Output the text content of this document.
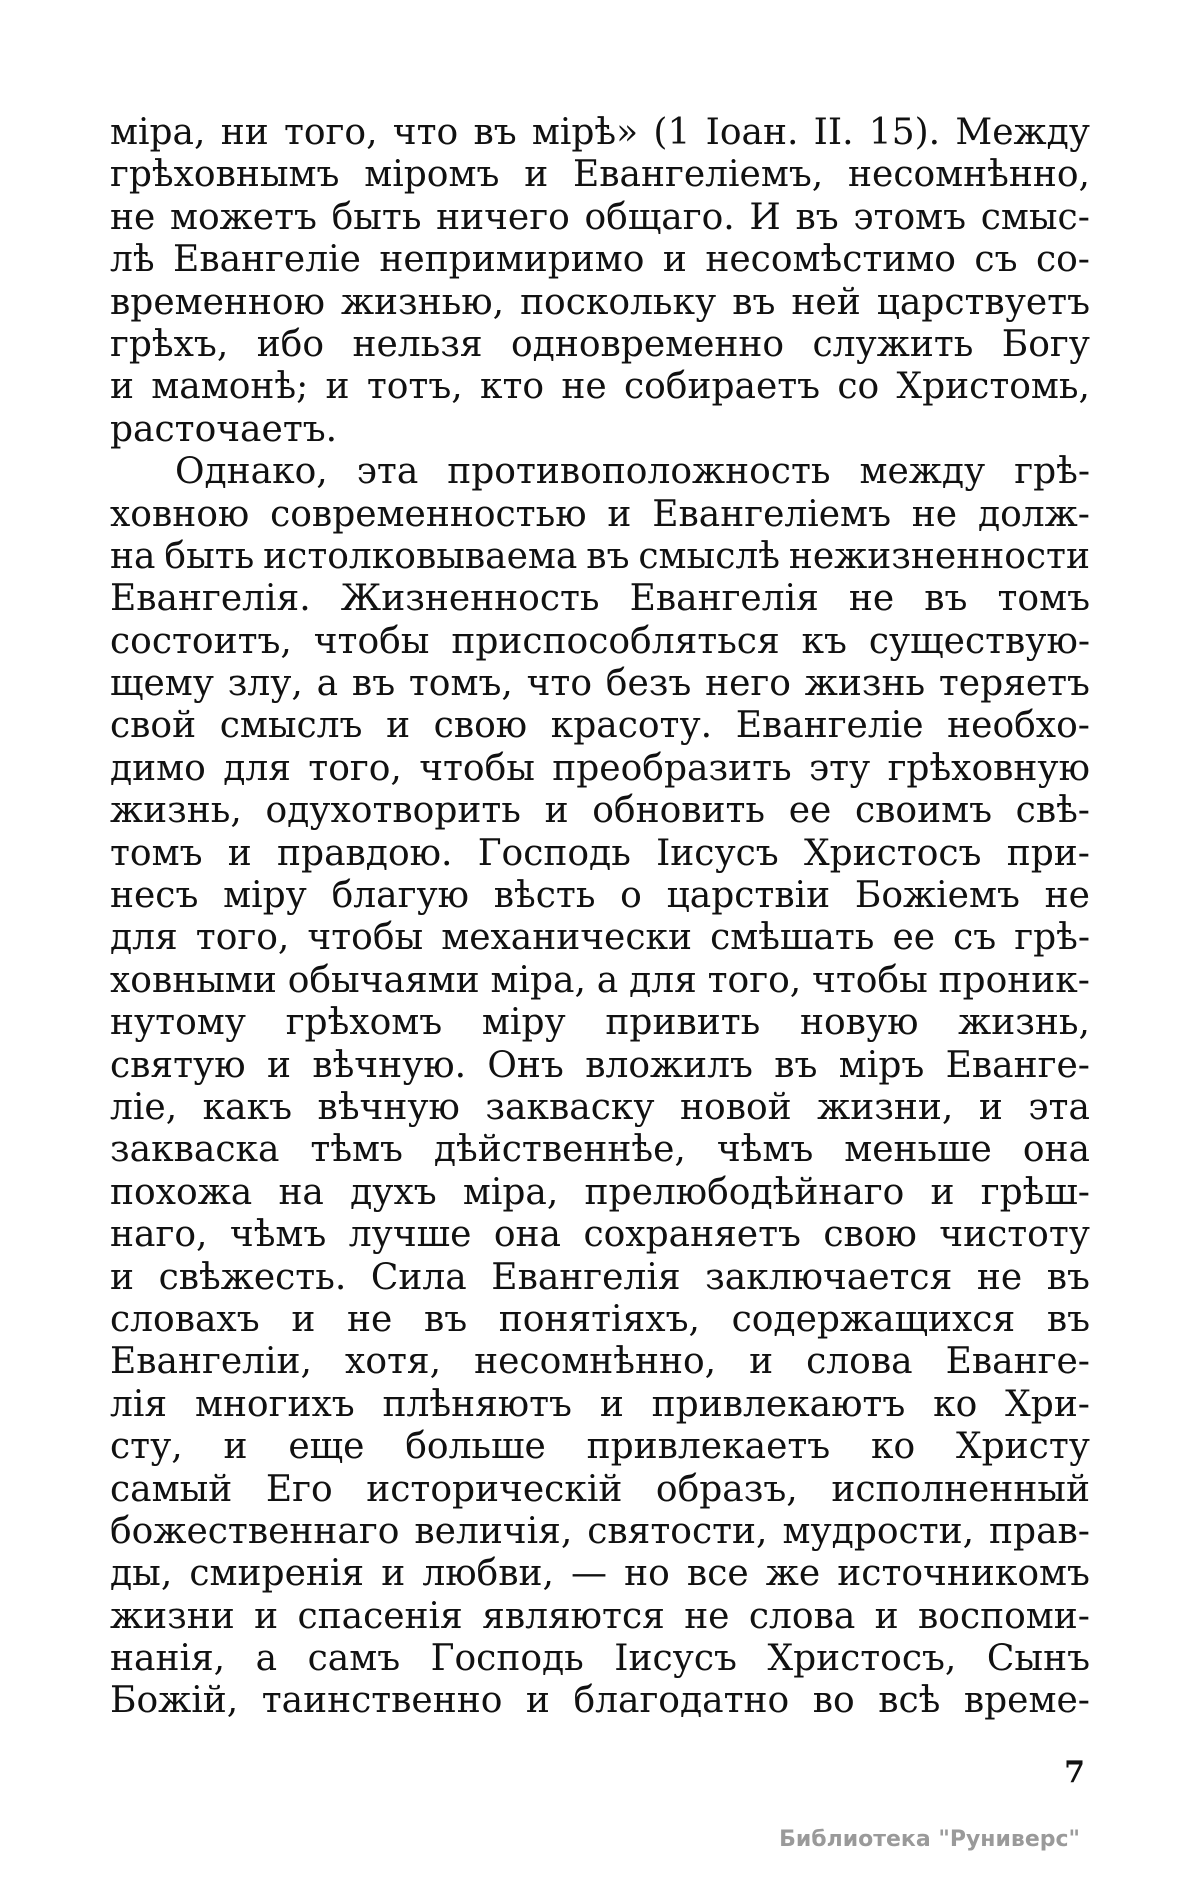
міра, ни того, что въ мірѣ» (1 Іоан. II. 15). Между
грѣховнымъ міромъ и Евангеліемъ, несомнѣнно,
не можетъ быть ничего общаго. И въ этомъ смыс-
лѣ Евангеліе непримиримо и несомѣстимо съ со-
временною жизнью, поскольку въ ней царствуетъ
грѣхъ, ибо нельзя одновременно служить Богу
и мамонѣ; и тотъ, кто не собираетъ со Христомь,
расточаетъ.
Однако, эта противоположность между грѣ-
ховною современностью и Евангеліемъ не долж-
на быть истолковываема въ смыслѣ нежизненности
Евангелія. Жизненность Евангелія не въ томъ
состоитъ, чтобы приспособляться къ существую-
щему злу, а въ томъ, что безъ него жизнь теряетъ
свой смыслъ и свою красоту. Евангеліе необхо-
димо для того, чтобы преобразить эту грѣховную
жизнь, одухотворить и обновить ее своимъ свѣ-
томъ и правдою. Господь Іисусъ Христосъ при-
несъ міру благую вѣсть о царствіи Божіемъ не
для того, чтобы механически смѣшать ее съ грѣ-
ховными обычаями міра, а для того, чтобы проник-
нутому грѣхомъ міру привить новую жизнь,
святую и вѣчную. Онъ вложилъ въ міръ Еванге-
ліе, какъ вѣчную закваску новой жизни, и эта
закваска тѣмъ дѣйственнѣе, чѣмъ меньше она
похожа на духъ міра, прелюбодѣйнаго и грѣш-
наго, чѣмъ лучше она сохраняетъ свою чистоту
и свѣжесть. Сила Евангелія заключается не въ
словахъ и не въ понятіяхъ, содержащихся въ
Евангеліи, хотя, несомнѣнно, и слова Еванге-
лія многихъ плѣняютъ и привлекаютъ ко Хри-
сту, и еще больше привлекаетъ ко Христу
самый Его историческій образъ, исполненный
божественнаго величія, святости, мудрости, прав-
ды, смиренія и любви, — но все же источникомъ
жизни и спасенія являются не слова и воспоми-
нанія, а самъ Господь Іисусъ Христосъ, Сынъ
Божій, таинственно и благодатно во всѣ време-
7
Библиотека "Руниверс"
